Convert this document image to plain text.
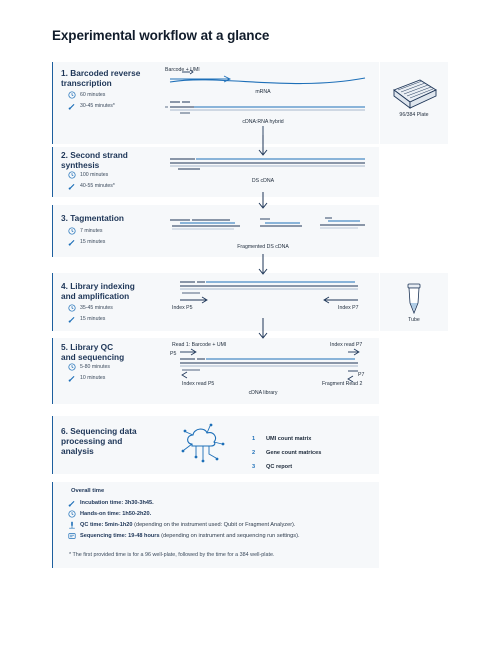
Experimental workflow at a glance
1. Barcoded reverse
transcription
60 minutes
30-45 minutes*
2. Second strand
synthesis
100 minutes
40-55 minutes*
3. Tagmentation
7 minutes
15 minutes
4. Library indexing
and amplification
35-45 minutes
15 minutes
5. Library QC
and sequencing
5-80 minutes
10 minutes
6. Sequencing data
processing and
analysis
Overall time
Incubation time: 3h30-3h45.
Hands-on time: 1h50-2h20.
QC time: 5min-1h20 (depending on the instrument used: Qubit or Fragment Analyzer).
Sequencing time: 19-48 hours (depending on instrument and sequencing run settings).
* The first provided time is for a 96 well-plate, followed by the time for a 384 well-plate.
96/384 Plate
Tube
Barcode + UMI
mRNA
cDNA:RNA hybrid
DS cDNA
Fragmented DS cDNA
Index P5	Index P7
Read 1: Barcode + UMI	Index read P7
P5
P7
Index read P5	Fragment Read 2
cDNA library
1	UMI count matrix
2	Gene count matrices
3	QC report
